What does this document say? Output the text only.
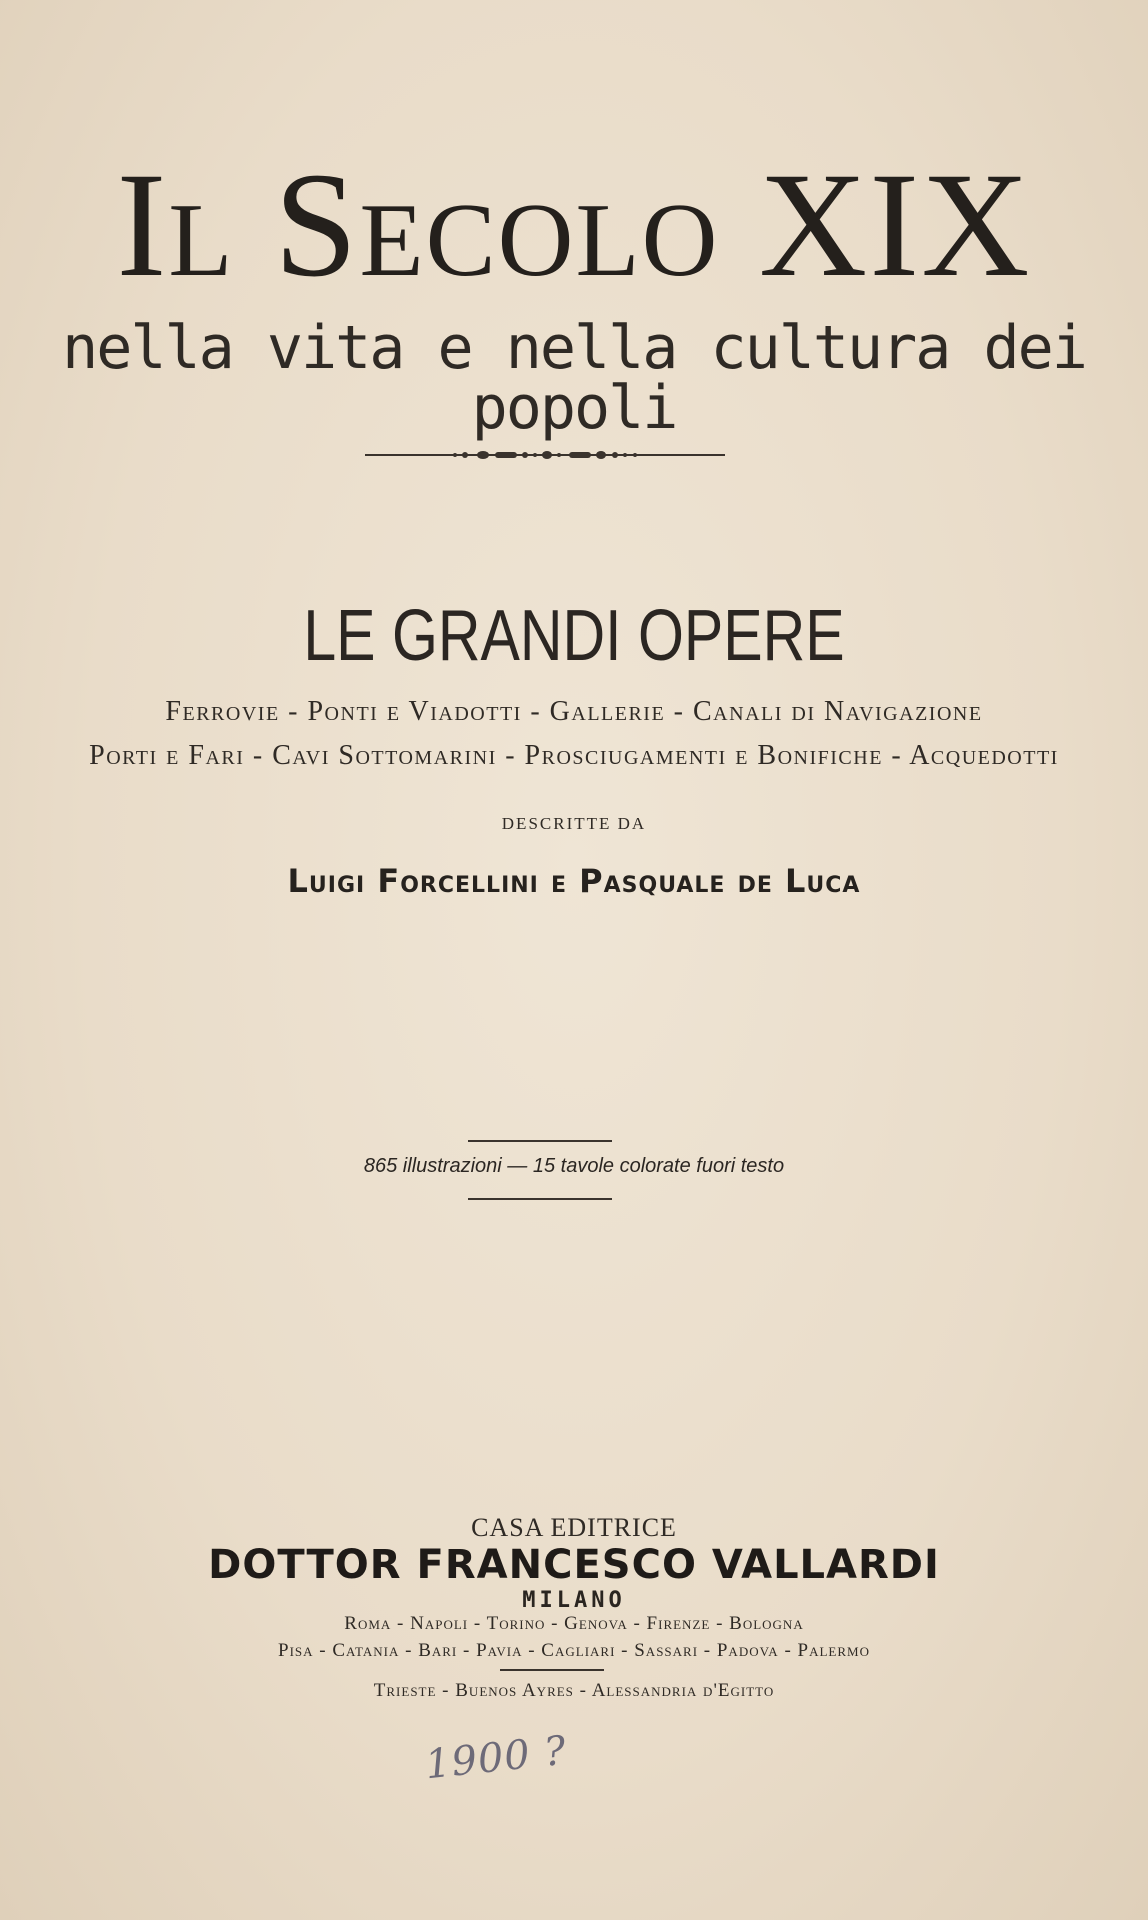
Il Secolo XIX
nella vita e nella cultura dei popoli
LE GRANDI OPERE
Ferrovie - Ponti e Viadotti - Gallerie - Canali di Navigazione
Porti e Fari - Cavi Sottomarini - Prosciugamenti e Bonifiche - Acquedotti
DESCRITTE DA
Luigi Forcellini e Pasquale de Luca
865 illustrazioni — 15 tavole colorate fuori testo
CASA EDITRICE
DOTTOR FRANCESCO VALLARDI
MILANO
Roma - Napoli - Torino - Genova - Firenze - Bologna
Pisa - Catania - Bari - Pavia - Cagliari - Sassari - Padova - Palermo
Trieste - Buenos Ayres - Alessandria d'Egitto
1900 ?
